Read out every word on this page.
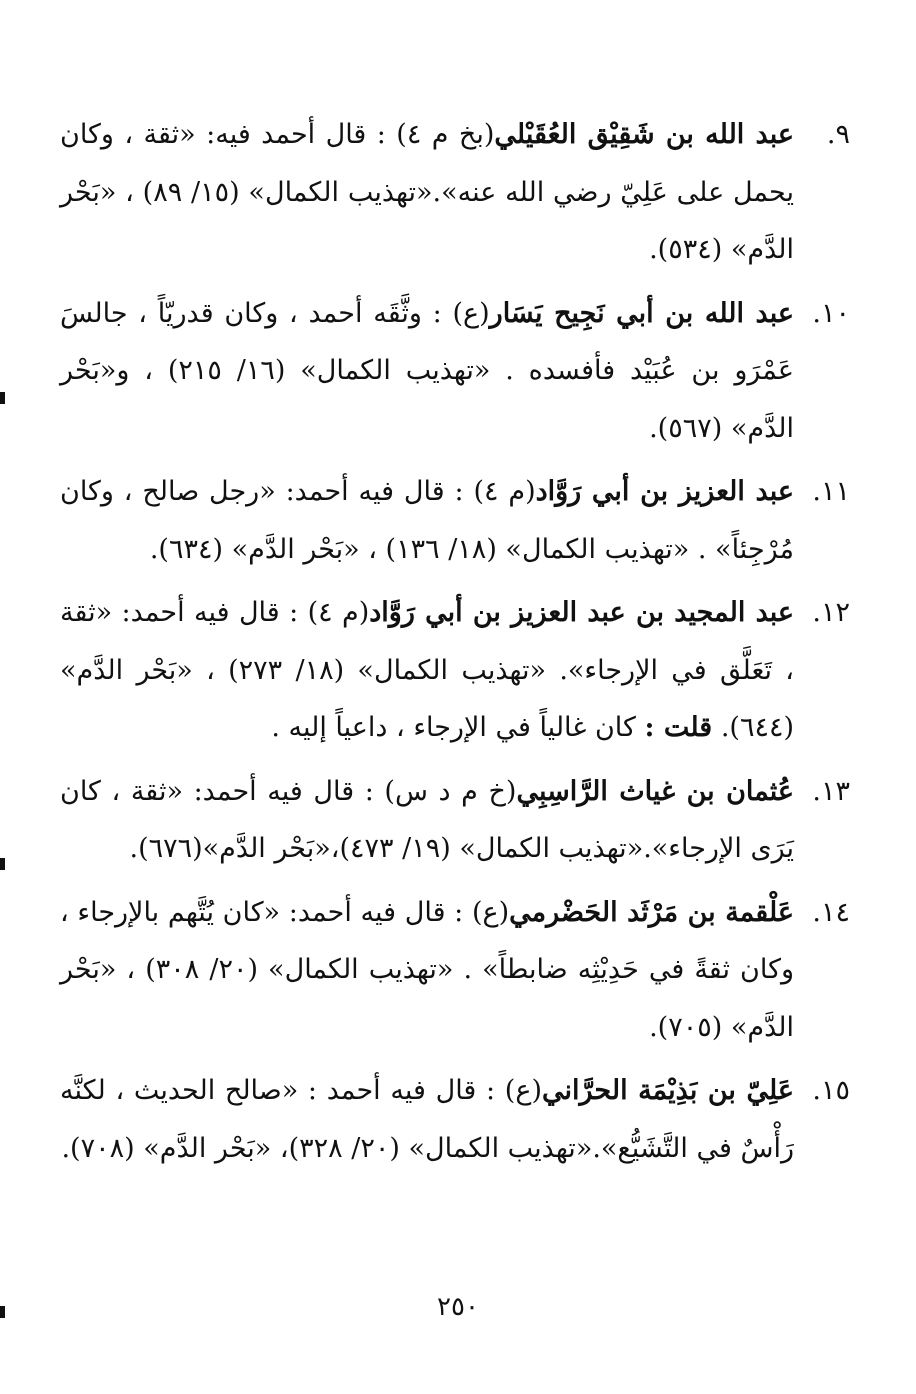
٩.
عبد الله بن شَقِيْق العُقَيْلي(بخ م ٤) : قال أحمد فيه: «ثقة ، وكان يحمل على عَلِيّ رضي الله عنه».«تهذيب الكمال» (١٥/ ٨٩) ، «بَحْر الدَّم» (٥٣٤).
١٠.
عبد الله بن أبي نَجِيح يَسَار(ع) : وثَّقَه أحمد ، وكان قدريّاً ، جالسَ عَمْرَو بن عُبَيْد فأفسده . «تهذيب الكمال» (١٦/ ٢١٥) ، و«بَحْر الدَّم» (٥٦٧).
١١.
عبد العزيز بن أبي رَوَّاد(م ٤) : قال فيه أحمد: «رجل صالح ، وكان مُرْجِئاً» . «تهذيب الكمال» (١٨/ ١٣٦) ، «بَحْر الدَّم» (٦٣٤).
١٢.
عبد المجيد بن عبد العزيز بن أبي رَوَّاد(م ٤) : قال فيه أحمد: «ثقة ، تَعَلَّق في الإرجاء». «تهذيب الكمال» (١٨/ ٢٧٣) ، «بَحْر الدَّم» (٦٤٤). قلت : كان غالياً في الإرجاء ، داعياً إليه .
١٣.
عُثمان بن غياث الرَّاسِبِي(خ م د س) : قال فيه أحمد: «ثقة ، كان يَرَى الإرجاء».«تهذيب الكمال» (١٩/ ٤٧٣)،«بَحْر الدَّم»(٦٧٦).
١٤.
عَلْقمة بن مَرْثَد الحَضْرمي(ع) : قال فيه أحمد: «كان يُتَّهم بالإرجاء ، وكان ثقةً في حَدِيْثِه ضابطاً» . «تهذيب الكمال» (٢٠/ ٣٠٨) ، «بَحْر الدَّم» (٧٠٥).
١٥.
عَلِيّ بن بَذِيْمَة الحرَّاني(ع) : قال فيه أحمد : «صالح الحديث ، لكنَّه رَأْسٌ في التَّشَيُّع».«تهذيب الكمال» (٢٠/ ٣٢٨)، «بَحْر الدَّم» (٧٠٨).
٢٥٠
